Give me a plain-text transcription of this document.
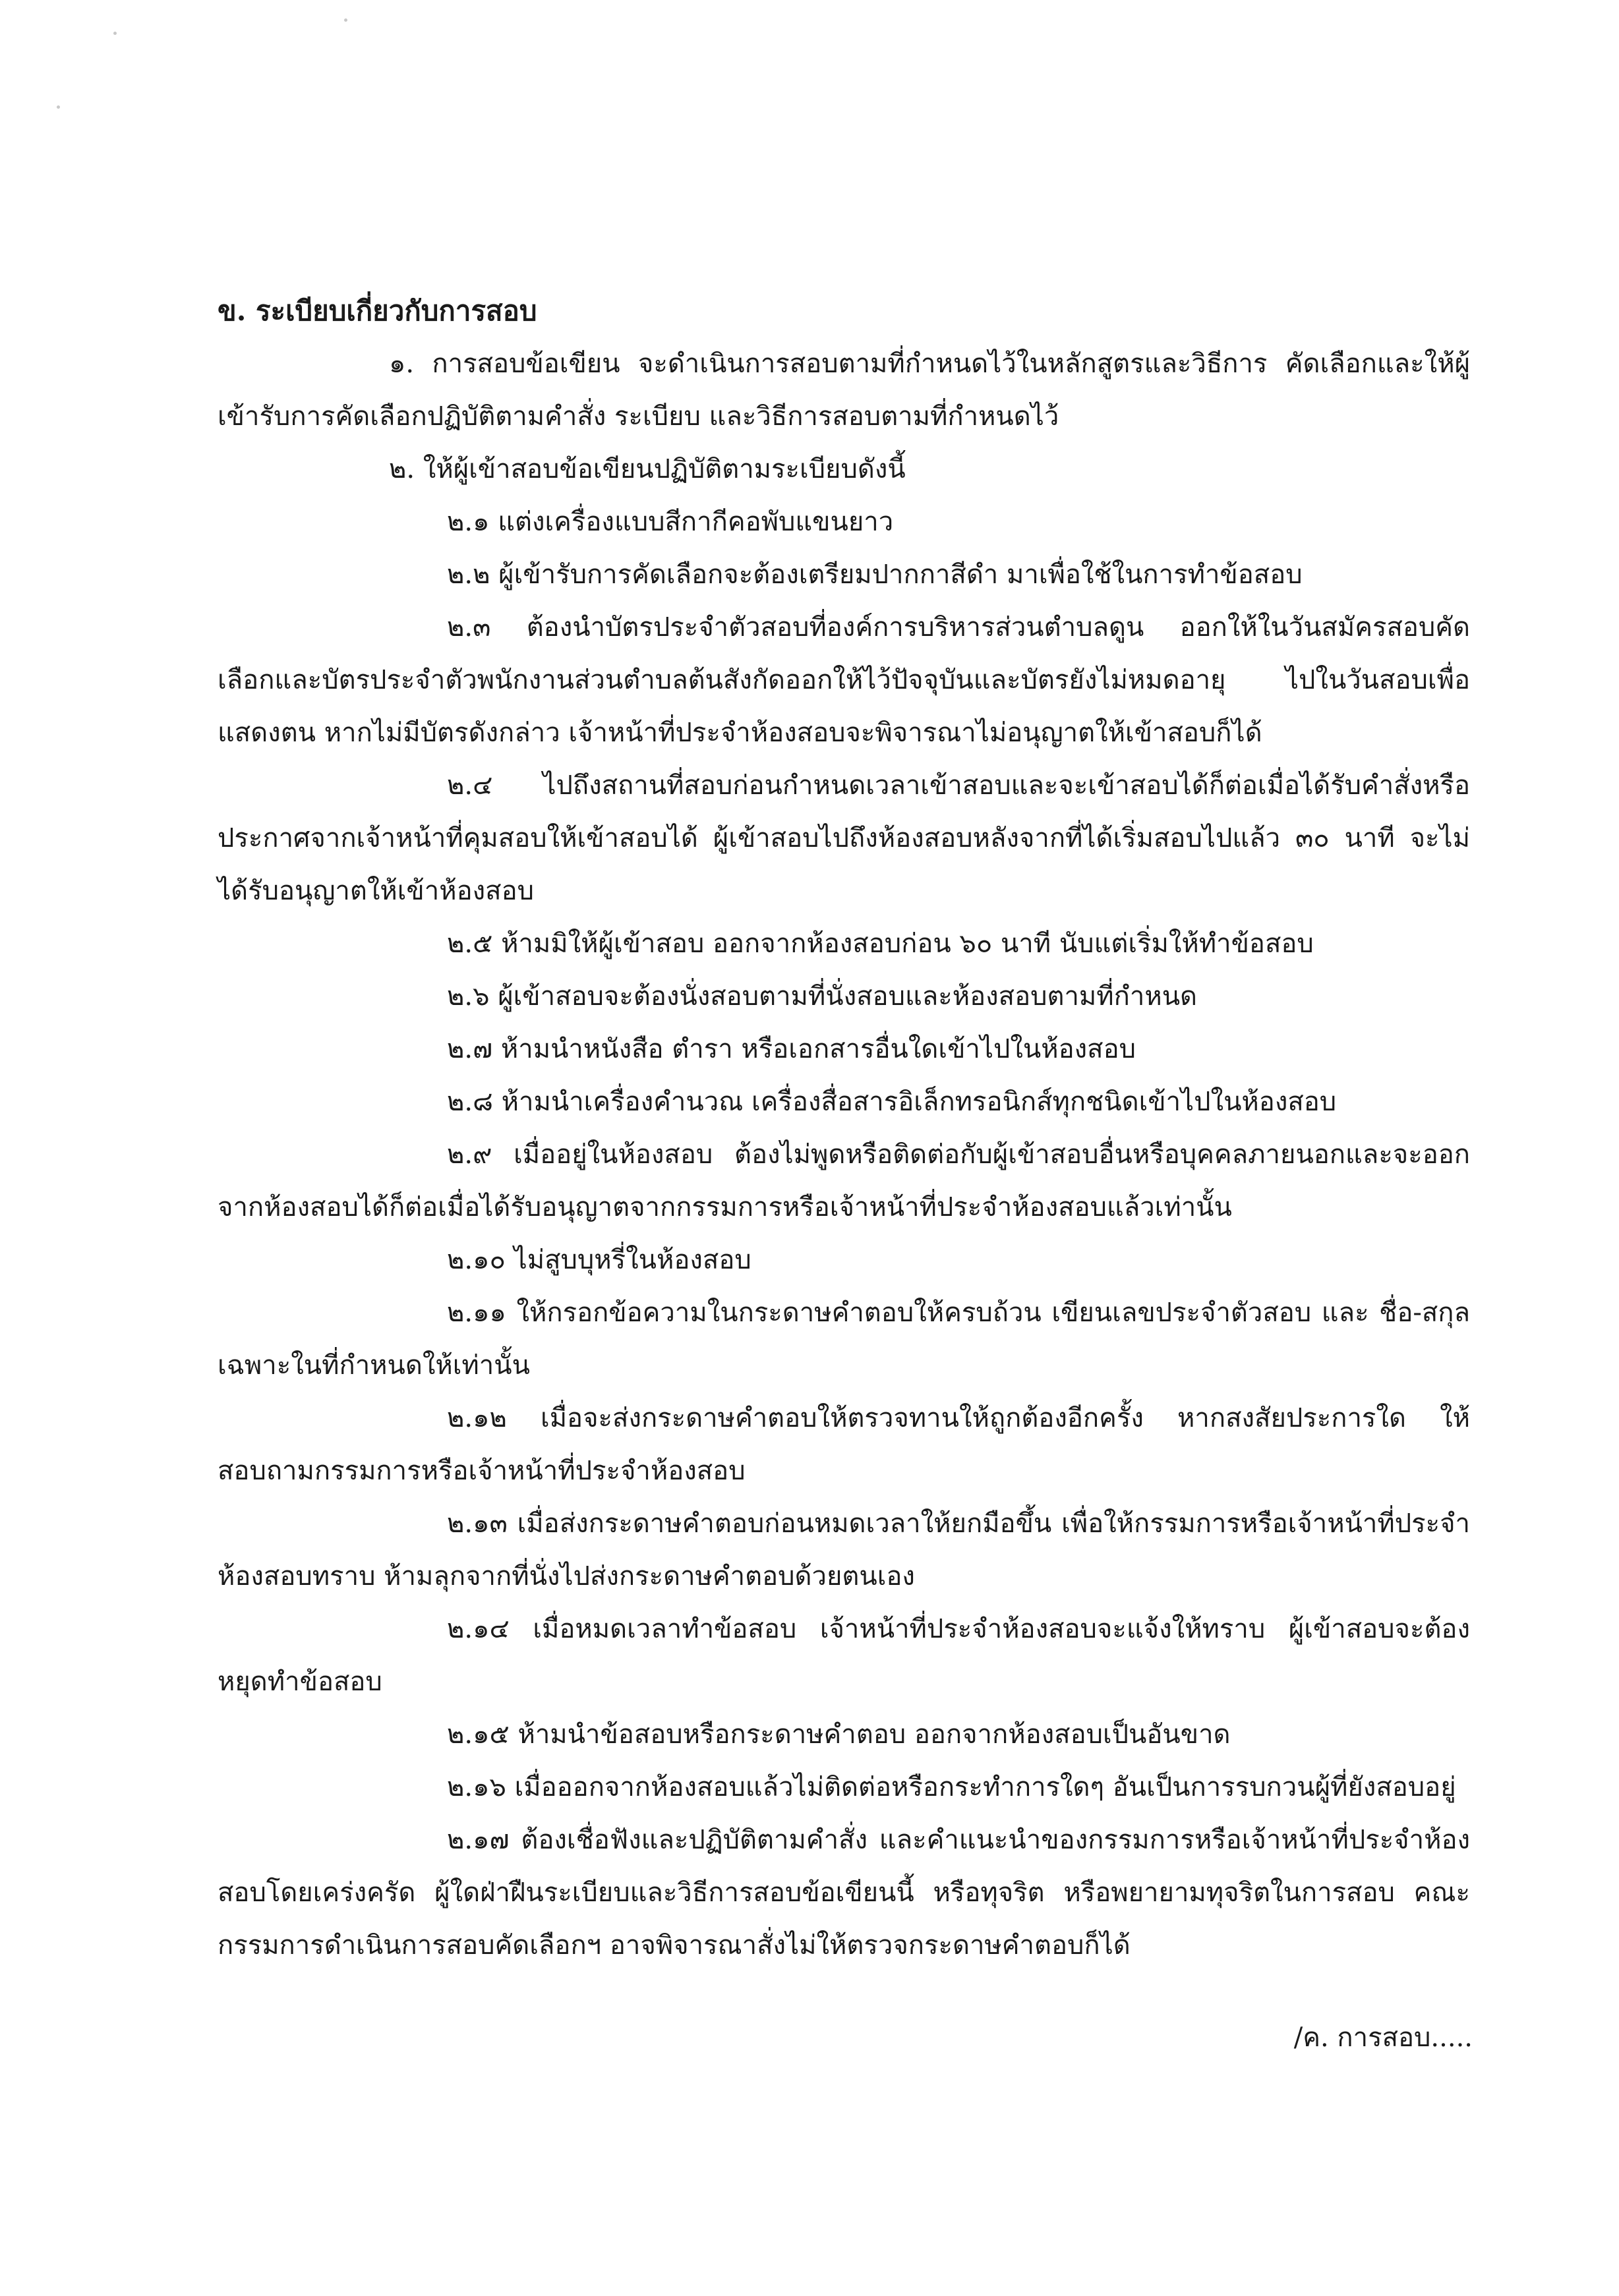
ข. ระเบียบเกี่ยวกับการสอบ

๑. การสอบข้อเขียน จะดำเนินการสอบตามที่กำหนดไว้ในหลักสูตรและวิธีการ คัดเลือกและให้ผู้เข้ารับการคัดเลือกปฏิบัติตามคำสั่ง ระเบียบ และวิธีการสอบตามที่กำหนดไว้

๒. ให้ผู้เข้าสอบข้อเขียนปฏิบัติตามระเบียบดังนี้

๒.๑ แต่งเครื่องแบบสีกากีคอพับแขนยาว

๒.๒ ผู้เข้ารับการคัดเลือกจะต้องเตรียมปากกาสีดำ มาเพื่อใช้ในการทำข้อสอบ

๒.๓ ต้องนำบัตรประจำตัวสอบที่องค์การบริหารส่วนตำบลดูน ออกให้ในวันสมัครสอบคัดเลือกและบัตรประจำตัวพนักงานส่วนตำบลต้นสังกัดออกให้ไว้ปัจจุบันและบัตรยังไม่หมดอายุ ไปในวันสอบเพื่อแสดงตน หากไม่มีบัตรดังกล่าว เจ้าหน้าที่ประจำห้องสอบจะพิจารณาไม่อนุญาตให้เข้าสอบก็ได้

๒.๔ ไปถึงสถานที่สอบก่อนกำหนดเวลาเข้าสอบและจะเข้าสอบได้ก็ต่อเมื่อได้รับคำสั่งหรือประกาศจากเจ้าหน้าที่คุมสอบให้เข้าสอบได้ ผู้เข้าสอบไปถึงห้องสอบหลังจากที่ได้เริ่มสอบไปแล้ว ๓๐ นาที จะไม่ได้รับอนุญาตให้เข้าห้องสอบ

๒.๕ ห้ามมิให้ผู้เข้าสอบ ออกจากห้องสอบก่อน ๖๐ นาที นับแต่เริ่มให้ทำข้อสอบ

๒.๖ ผู้เข้าสอบจะต้องนั่งสอบตามที่นั่งสอบและห้องสอบตามที่กำหนด

๒.๗ ห้ามนำหนังสือ ตำรา หรือเอกสารอื่นใดเข้าไปในห้องสอบ

๒.๘ ห้ามนำเครื่องคำนวณ เครื่องสื่อสารอิเล็กทรอนิกส์ทุกชนิดเข้าไปในห้องสอบ

๒.๙ เมื่ออยู่ในห้องสอบ ต้องไม่พูดหรือติดต่อกับผู้เข้าสอบอื่นหรือบุคคลภายนอกและจะออกจากห้องสอบได้ก็ต่อเมื่อได้รับอนุญาตจากกรรมการหรือเจ้าหน้าที่ประจำห้องสอบแล้วเท่านั้น

๒.๑๐ ไม่สูบบุหรี่ในห้องสอบ

๒.๑๑ ให้กรอกข้อความในกระดาษคำตอบให้ครบถ้วน เขียนเลขประจำตัวสอบ และ ชื่อ-สกุล เฉพาะในที่กำหนดให้เท่านั้น

๒.๑๒ เมื่อจะส่งกระดาษคำตอบให้ตรวจทานให้ถูกต้องอีกครั้ง หากสงสัยประการใด ให้สอบถามกรรมการหรือเจ้าหน้าที่ประจำห้องสอบ

๒.๑๓ เมื่อส่งกระดาษคำตอบก่อนหมดเวลาให้ยกมือขึ้น เพื่อให้กรรมการหรือเจ้าหน้าที่ประจำห้องสอบทราบ ห้ามลุกจากที่นั่งไปส่งกระดาษคำตอบด้วยตนเอง

๒.๑๔ เมื่อหมดเวลาทำข้อสอบ เจ้าหน้าที่ประจำห้องสอบจะแจ้งให้ทราบ ผู้เข้าสอบจะต้องหยุดทำข้อสอบ

๒.๑๕ ห้ามนำข้อสอบหรือกระดาษคำตอบ ออกจากห้องสอบเป็นอันขาด

๒.๑๖ เมื่อออกจากห้องสอบแล้วไม่ติดต่อหรือกระทำการใดๆ อันเป็นการรบกวนผู้ที่ยังสอบอยู่

๒.๑๗ ต้องเชื่อฟังและปฏิบัติตามคำสั่ง และคำแนะนำของกรรมการหรือเจ้าหน้าที่ประจำห้องสอบโดยเคร่งครัด ผู้ใดฝ่าฝืนระเบียบและวิธีการสอบข้อเขียนนี้ หรือทุจริต หรือพยายามทุจริตในการสอบ คณะกรรมการดำเนินการสอบคัดเลือกฯ อาจพิจารณาสั่งไม่ให้ตรวจกระดาษคำตอบก็ได้

/ค. การสอบ.....
